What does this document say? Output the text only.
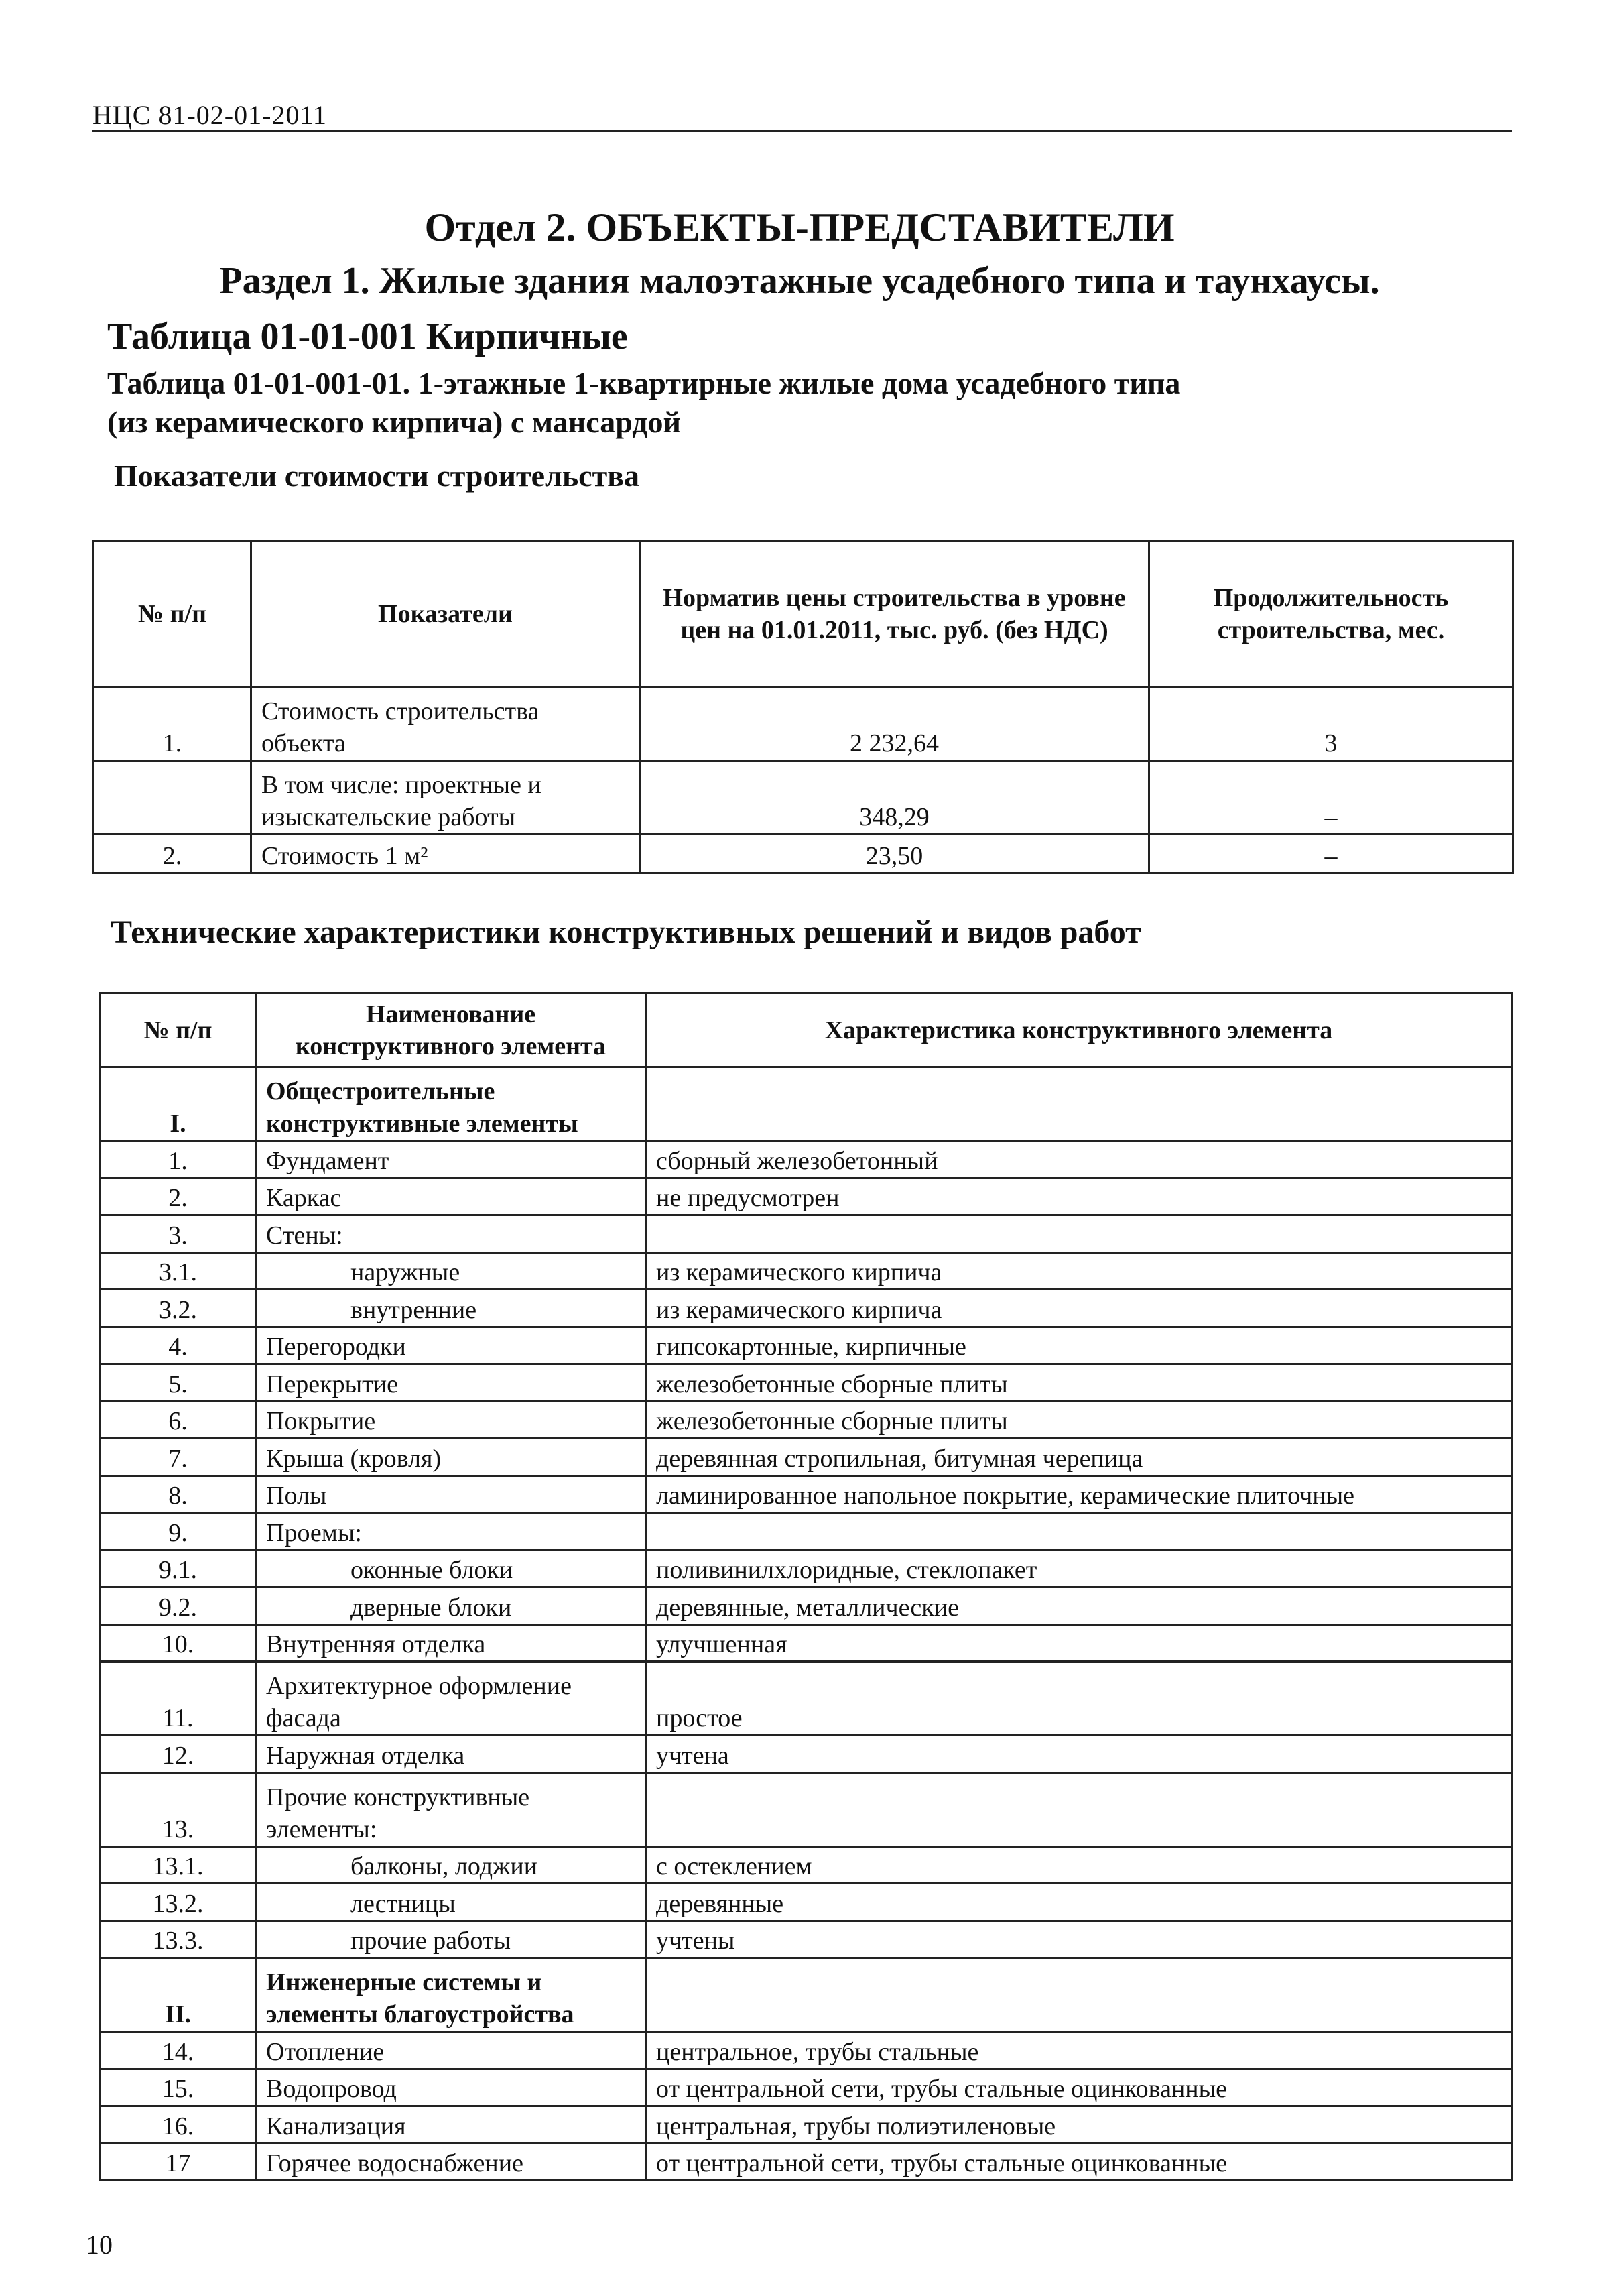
НЦС 81-02-01-2011
Отдел 2. ОБЪЕКТЫ-ПРЕДСТАВИТЕЛИ
Раздел 1. Жилые здания малоэтажные усадебного типа и таунхаусы.
Таблица 01-01-001 Кирпичные
Таблица 01-01-001-01. 1-этажные 1-квартирные жилые дома усадебного типа
(из керамического кирпича) с мансардой
Показатели стоимости строительства
№ п/п	Показатели	Норматив цены строительства в уровне цен на 01.01.2011, тыс. руб. (без НДС)	Продолжительность строительства, мес.
1.	Стоимость строительства объекта	2 232,64	3
	В том числе: проектные и изыскательские работы	348,29	–
2.	Стоимость 1 м²	23,50	–
Технические характеристики конструктивных решений и видов работ
№ п/п	Наименование конструктивного элемента	Характеристика конструктивного элемента
I.	Общестроительные конструктивные элементы	
1.	Фундамент	сборный железобетонный
2.	Каркас	не предусмотрен
3.	Стены:	
3.1.	наружные	из керамического кирпича
3.2.	внутренние	из керамического кирпича
4.	Перегородки	гипсокартонные, кирпичные
5.	Перекрытие	железобетонные сборные плиты
6.	Покрытие	железобетонные сборные плиты
7.	Крыша (кровля)	деревянная стропильная, битумная черепица
8.	Полы	ламинированное напольное покрытие, керамические плиточные
9.	Проемы:	
9.1.	оконные блоки	поливинилхлоридные, стеклопакет
9.2.	дверные блоки	деревянные, металлические
10.	Внутренняя отделка	улучшенная
11.	Архитектурное оформление фасада	простое
12.	Наружная отделка	учтена
13.	Прочие конструктивные элементы:	
13.1.	балконы, лоджии	с остеклением
13.2.	лестницы	деревянные
13.3.	прочие работы	учтены
II.	Инженерные системы и элементы благоустройства	
14.	Отопление	центральное, трубы стальные
15.	Водопровод	от центральной сети, трубы стальные оцинкованные
16.	Канализация	центральная, трубы полиэтиленовые
17	Горячее водоснабжение	от центральной сети, трубы стальные оцинкованные
10
